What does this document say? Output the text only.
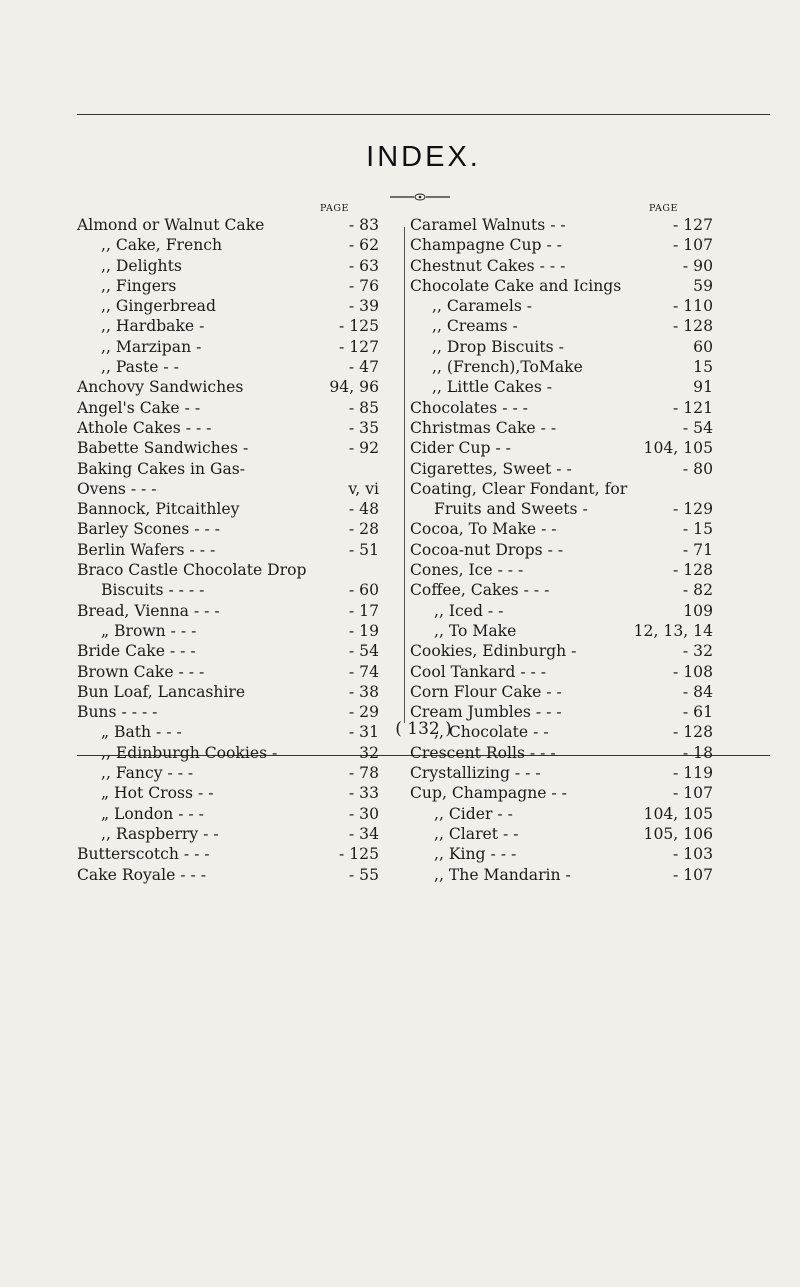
INDEX.
PAGE
Almond or Walnut Cake	- 83
,, Cake, French	- 62
,, Delights	- 63
,, Fingers	- 76
,, Gingerbread	- 39
,, Hardbake -	- 125
,, Marzipan -	- 127
,, Paste - -	- 47
Anchovy Sandwiches	94, 96
Angel's Cake - -	- 85
Athole Cakes - - -	- 35
Babette Sandwiches -	- 92
Baking Cakes in Gas-
Ovens - - -	v, vi
Bannock, Pitcaithley	- 48
Barley Scones - - -	- 28
Berlin Wafers - - -	- 51
Braco Castle Chocolate Drop
Biscuits - - - -	- 60
Bread, Vienna - - -	- 17
„ Brown - - -	- 19
Bride Cake - - -	- 54
Brown Cake - - -	- 74
Bun Loaf, Lancashire	- 38
Buns - - - -	- 29
„ Bath - - -	- 31
,, Edinburgh Cookies -	32
,, Fancy - - -	- 78
„ Hot Cross - -	- 33
„ London - - -	- 30
,, Raspberry - -	- 34
Butterscotch - - -	- 125
Cake Royale - - -	- 55
PAGE
Caramel Walnuts - -	- 127
Champagne Cup - -	- 107
Chestnut Cakes - - -	- 90
Chocolate Cake and Icings	59
,, Caramels -	- 110
,, Creams -	- 128
,, Drop Biscuits -	60
,, (French),ToMake	15
,, Little Cakes -	91
Chocolates - - -	- 121
Christmas Cake - -	- 54
Cider Cup - -	104, 105
Cigarettes, Sweet - -	- 80
Coating, Clear Fondant, for
Fruits and Sweets -	- 129
Cocoa, To Make - -	- 15
Cocoa-nut Drops - -	- 71
Cones, Ice - - -	- 128
Coffee, Cakes - - -	- 82
,, Iced - -	109
,, To Make	12, 13, 14
Cookies, Edinburgh -	- 32
Cool Tankard - - -	- 108
Corn Flour Cake - -	- 84
Cream Jumbles - - -	- 61
,, Chocolate - -	- 128
Crescent Rolls - - -	- 18
Crystallizing - - -	- 119
Cup, Champagne - -	- 107
,, Cider - -	104, 105
,, Claret - -	105, 106
,, King - - -	- 103
,, The Mandarin -	- 107
( 132 )
